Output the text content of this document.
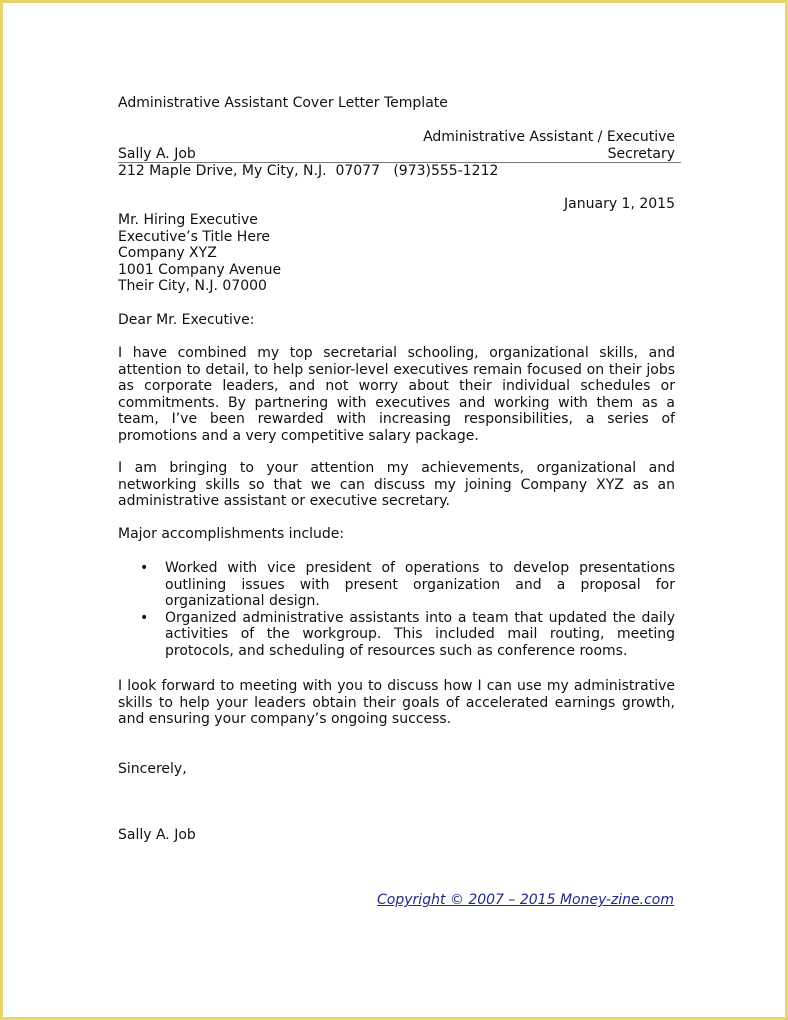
Administrative Assistant Cover Letter Template
Sally A. Job
Administrative Assistant / Executive Secretary
212 Maple Drive, My City, N.J.  07077   (973)555-1212
January 1, 2015
Mr. Hiring Executive
Executive’s Title Here
Company XYZ
1001 Company Avenue
Their City, N.J. 07000
Dear Mr. Executive:

I have combined my top secretarial schooling, organizational skills, and attention to detail, to help senior-level executives remain focused on their jobs as corporate leaders, and not worry about their individual schedules or commitments. By partnering with executives and working with them as a team, I’ve been rewarded with increasing responsibilities, a series of promotions and a very competitive salary package.

I am bringing to your attention my achievements, organizational and networking skills so that we can discuss my joining Company XYZ as an administrative assistant or executive secretary.

Major accomplishments include:
• Worked with vice president of operations to develop presentations outlining issues with present organization and a proposal for organizational design.
• Organized administrative assistants into a team that updated the daily activities of the workgroup. This included mail routing, meeting protocols, and scheduling of resources such as conference rooms.

I look forward to meeting with you to discuss how I can use my administrative skills to help your leaders obtain their goals of accelerated earnings growth, and ensuring your company’s ongoing success.

Sincerely,
Sally A. Job
Copyright © 2007 – 2015 Money-zine.com
